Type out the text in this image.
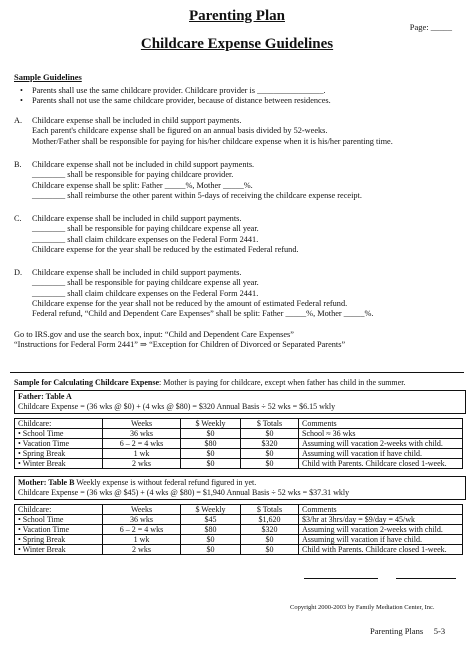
Parenting Plan
Childcare Expense Guidelines
Page: _____
Sample Guidelines
• Parents shall use the same childcare provider. Childcare provider is ________________.
• Parents shall not use the same childcare provider, because of distance between residences.
A.	Childcare expense shall be included in child support payments.
Each parent's childcare expense shall be figured on an annual basis divided by 52-weeks.
Mother/Father shall be responsible for paying for his/her childcare expense when it is his/her parenting time.
B.	Childcare expense shall not be included in child support payments.
________ shall be responsible for paying childcare provider.
Childcare expense shall be split: Father _____%, Mother _____%.
________ shall reimburse the other parent within 5-days of receiving the childcare expense receipt.
C.	Childcare expense shall be included in child support payments.
________ shall be responsible for paying childcare expense all year.
________ shall claim childcare expenses on the Federal Form 2441.
Childcare expense for the year shall be reduced by the estimated Federal refund.
D.	Childcare expense shall be included in child support payments.
________ shall be responsible for paying childcare expense all year.
________ shall claim childcare expenses on the Federal Form 2441.
Childcare expense for the year shall not be reduced by the amount of estimated Federal refund.
Federal refund, “Child and Dependent Care Expenses” shall be split: Father _____%, Mother _____%.
Go to IRS.gov and use the search box, input: “Child and Dependent Care Expenses”
“Instructions for Federal Form 2441” ⇒ “Exception for Children of Divorced or Separated Parents”
Sample for Calculating Childcare Expense: Mother is paying for childcare, except when father has child in the summer.
Father: Table A
Childcare Expense = (36 wks @ $0) + (4 wks @ $80) = $320 Annual Basis ÷ 52 wks = $6.15 wkly
Childcare:	Weeks	$ Weekly	$ Totals	Comments
• School Time	36 wks	$0	$0	School ≈ 36 wks
• Vacation Time	6 – 2 = 4 wks	$80	$320	Assuming will vacation 2-weeks with child.
• Spring Break	1 wk	$0	$0	Assuming will vacation if have child.
• Winter Break	2 wks	$0	$0	Child with Parents. Childcare closed 1-week.
Mother: Table B Weekly expense is without federal refund figured in yet.
Childcare Expense = (36 wks @ $45) + (4 wks @ $80) = $1,940 Annual Basis ÷ 52 wks = $37.31 wkly
Childcare:	Weeks	$ Weekly	$ Totals	Comments
• School Time	36 wks	$45	$1,620	$3/hr at 3hrs/day = $9/day = 45/wk
• Vacation Time	6 – 2 = 4 wks	$80	$320	Assuming will vacation 2-weeks with child.
• Spring Break	1 wk	$0	$0	Assuming will vacation if have child.
• Winter Break	2 wks	$0	$0	Child with Parents. Childcare closed 1-week.
Copyright 2000-2003 by Family Mediation Center, Inc.
Parenting Plans     5-3
